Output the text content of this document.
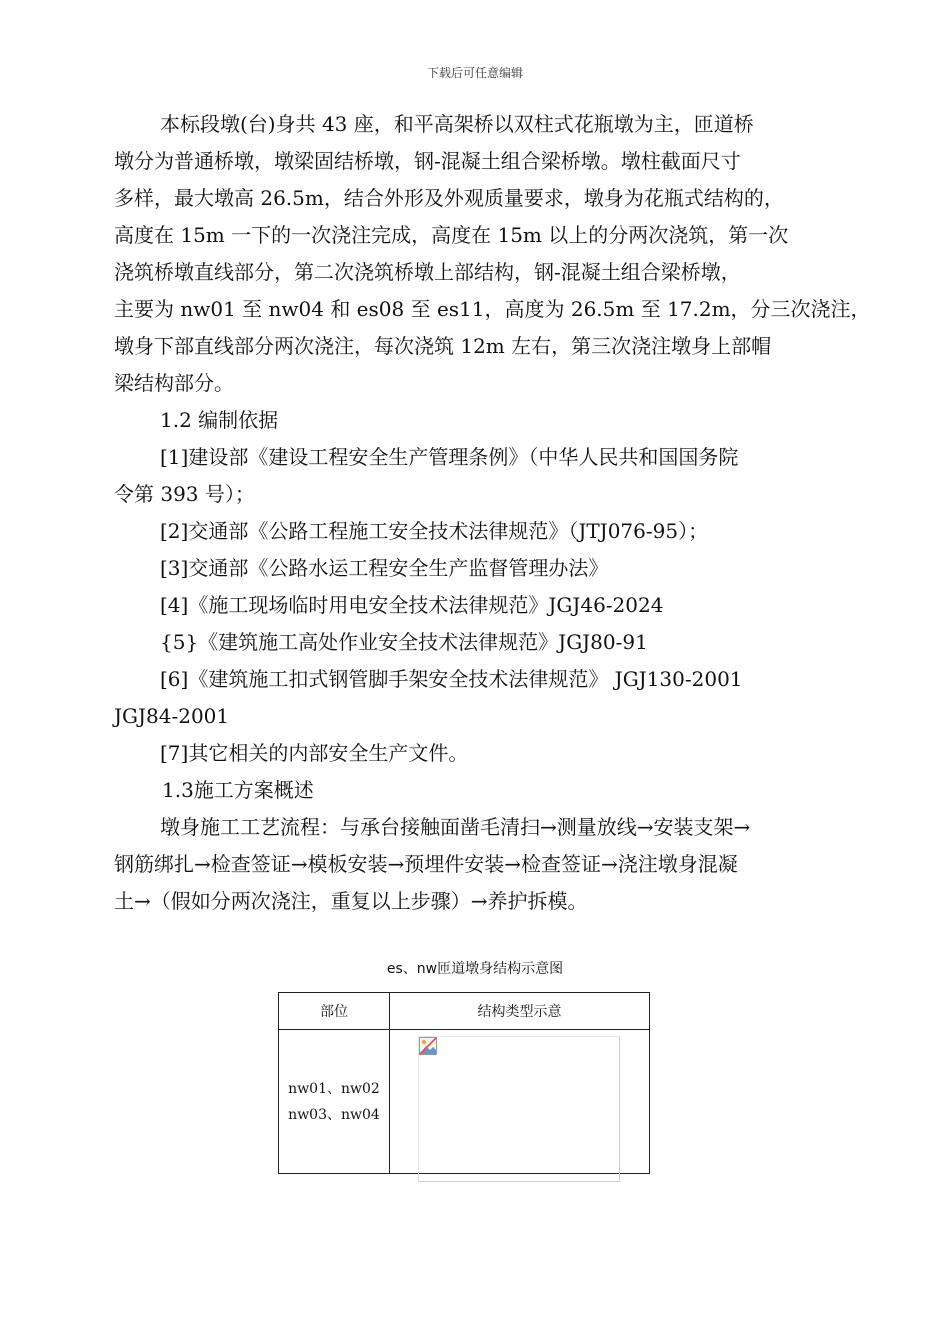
下载后可任意编辑

本标段墩(台)身共 43 座，和平高架桥以双柱式花瓶墩为主，匝道桥

墩分为普通桥墩，墩梁固结桥墩，钢-混凝土组合梁桥墩。墩柱截面尺寸

多样，最大墩高 26.5m，结合外形及外观质量要求，墩身为花瓶式结构的，

高度在 15m 一下的一次浇注完成，高度在 15m 以上的分两次浇筑，第一次

浇筑桥墩直线部分，第二次浇筑桥墩上部结构，钢-混凝土组合梁桥墩，

主要为 nw01 至 nw04 和 es08 至 es11，高度为 26.5m 至 17.2m，分三次浇注，

墩身下部直线部分两次浇注，每次浇筑 12m 左右，第三次浇注墩身上部帽

梁结构部分。

1.2 编制依据

[1]建设部《建设工程安全生产管理条例》（中华人民共和国国务院

令第 393 号）；

[2]交通部《公路工程施工安全技术法律规范》（JTJ076-95）；

[3]交通部《公路水运工程安全生产监督管理办法》

[4]《施工现场临时用电安全技术法律规范》JGJ46-2024

{5}《建筑施工高处作业安全技术法律规范》JGJ80-91

[6]《建筑施工扣式钢管脚手架安全技术法律规范》 JGJ130-2001

JGJ84-2001

[7]其它相关的内部安全生产文件。

1.3施工方案概述

墩身施工工艺流程：与承台接触面凿毛清扫→测量放线→安装支架→

钢筋绑扎→检查签证→模板安装→预埋件安装→检查签证→浇注墩身混凝

土→（假如分两次浇注，重复以上步骤）→养护拆模。

es、nw匝道墩身结构示意图
部位	结构类型示意

nw01、nw02
nw03、nw04
